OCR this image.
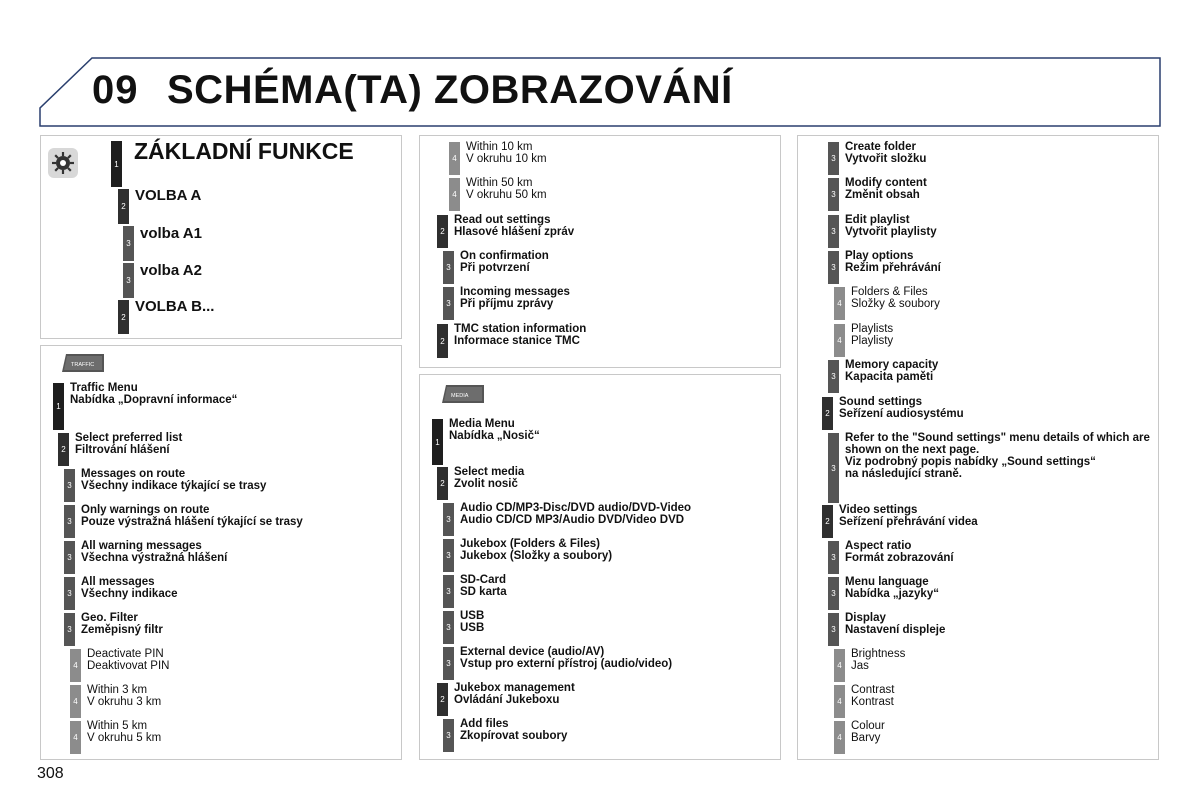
09 SCHÉMA(TA) ZOBRAZOVÁNÍ
1 ZÁKLADNÍ FUNKCE
2
VOLBA A
3
volba A1
3
volba A2
2
VOLBA B...
TRAFFIC
MEDIA
1
Traffic Menu
Nabídka „Dopravní informace“
2
Select preferred list
Filtrování hlášení
3
Messages on route
Všechny indikace týkající se trasy
3
Only warnings on route
Pouze výstražná hlášení týkající se trasy
3
All warning messages
Všechna výstražná hlášení
3
All messages
Všechny indikace
3
Geo. Filter
Zeměpisný filtr
4
Deactivate PIN
Deaktivovat PIN
4
Within 3 km
V okruhu 3 km
4
Within 5 km
V okruhu 5 km
4
Within 10 km
V okruhu 10 km
4
Within 50 km
V okruhu 50 km
2
Read out settings
Hlasové hlášení zpráv
3
On confirmation
Při potvrzení
3
Incoming messages
Při příjmu zprávy
2
TMC station information
Informace stanice TMC
1
Media Menu
Nabídka „Nosič“
2
Select media
Zvolit nosič
3
Audio CD/MP3-Disc/DVD audio/DVD-Video
Audio CD/CD MP3/Audio DVD/Video DVD
3
Jukebox (Folders & Files)
Jukebox (Složky a soubory)
3
SD-Card
SD karta
3
USB
USB
3
External device (audio/AV)
Vstup pro externí přístroj (audio/video)
2
Jukebox management
Ovládání Jukeboxu
3
Add files
Zkopírovat soubory
3
Create folder
Vytvořit složku
3
Modify content
Změnit obsah
3
Edit playlist
Vytvořit playlisty
3
Play options
Režim přehrávání
4
Folders & Files
Složky & soubory
4
Playlists
Playlisty
3
Memory capacity
Kapacita paměti
2
Sound settings
Seřízení audiosystému
3
Refer to the "Sound settings" menu details of which are
shown on the next page.
Viz podrobný popis nabídky „Sound settings“
na následující straně.
2
Video settings
Seřízení přehrávání videa
3
Aspect ratio
Formát zobrazování
3
Menu language
Nabídka „jazyky“
3
Display
Nastavení displeje
4
Brightness
Jas
4
Contrast
Kontrast
4
Colour
Barvy
308
